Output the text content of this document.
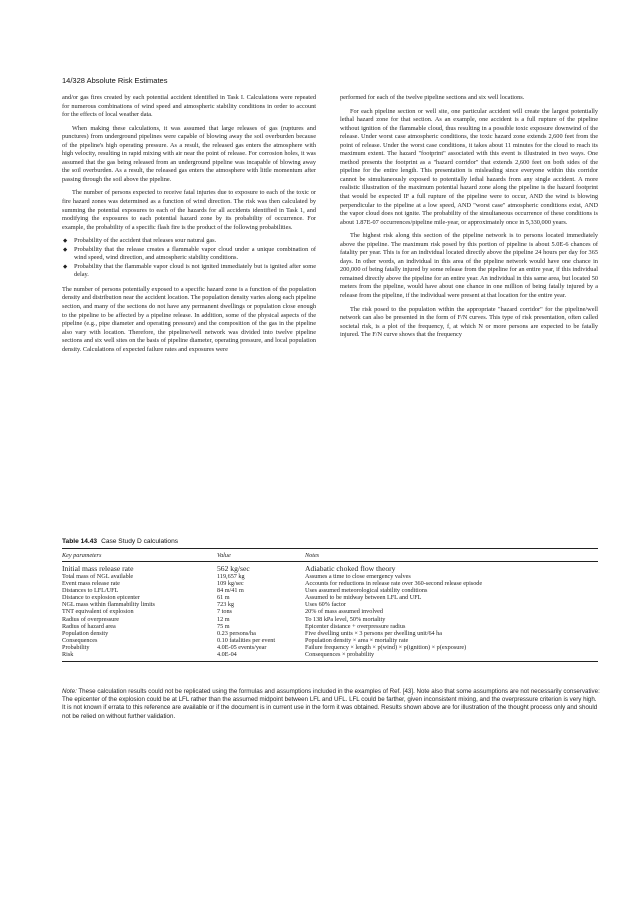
14/328 Absolute Risk Estimates

and/or gas fires created by each potential accident identified in Task I. Calculations were repeated for numerous combinations of wind speed and atmospheric stability conditions in order to account for the effects of local weather data.

When making these calculations, it was assumed that large releases of gas (ruptures and punctures) from underground pipelines were capable of blowing away the soil overburden because of the pipeline's high operating pressure. As a result, the released gas enters the atmosphere with high velocity, resulting in rapid mixing with air near the point of release. For corrosion holes, it was assumed that the gas being released from an underground pipeline was incapable of blowing away the soil overburden. As a result, the released gas enters the atmosphere with little momentum after passing through the soil above the pipeline.

The number of persons expected to receive fatal injuries due to exposure to each of the toxic or fire hazard zones was determined as a function of wind direction. The risk was then calculated by summing the potential exposures to each of the hazards for all accidents identified in Task 1, and modifying the exposures to each potential hazard zone by its probability of occurrence. For example, the probability of a specific flash fire is the product of the following probabilities.

◆ Probability of the accident that releases sour natural gas.
◆ Probability that the release creates a flammable vapor cloud under a unique combination of wind speed, wind direction, and atmospheric stability conditions.
◆ Probability that the flammable vapor cloud is not ignited immediately but is ignited after some delay.

The number of persons potentially exposed to a specific hazard zone is a function of the population density and distribution near the accident location. The population density varies along each pipeline section, and many of the sections do not have any permanent dwellings or population close enough to the pipeline to be affected by a pipeline release. In addition, some of the physical aspects of the pipeline (e.g., pipe diameter and operating pressure) and the composition of the gas in the pipeline also vary with location. Therefore, the pipeline/well network was divided into twelve pipeline sections and six well sites on the basis of pipeline diameter, operating pressure, and local population density. Calculations of expected failure rates and exposures were

performed for each of the twelve pipeline sections and six well locations.

For each pipeline section or well site, one particular accident will create the largest potentially lethal hazard zone for that section. As an example, one accident is a full rupture of the pipeline without ignition of the flammable cloud, thus resulting in a possible toxic exposure downwind of the release. Under worst case atmospheric conditions, the toxic hazard zone extends 2,600 feet from the point of release. Under the worst case conditions, it takes about 11 minutes for the cloud to reach its maximum extent. The hazard "footprint" associated with this event is illustrated in two ways. One method presents the footprint as a "hazard corridor" that extends 2,600 feet on both sides of the pipeline for the entire length. This presentation is misleading since everyone within this corridor cannot be simultaneously exposed to potentially lethal hazards from any single accident. A more realistic illustration of the maximum potential hazard zone along the pipeline is the hazard footprint that would be expected IF a full rupture of the pipeline were to occur, AND the wind is blowing perpendicular to the pipeline at a low speed, AND "worst case" atmospheric conditions exist, AND the vapor cloud does not ignite. The probability of the simultaneous occurrence of these conditions is about 1.87E-07 occurrences/pipeline mile-year, or approximately once in 5,330,000 years.

The highest risk along this section of the pipeline network is to persons located immediately above the pipeline. The maximum risk posed by this portion of pipeline is about 5.0E-6 chances of fatality per year. This is for an individual located directly above the pipeline 24 hours per day for 365 days. In other words, an individual in this area of the pipeline network would have one chance in 200,000 of being fatally injured by some release from the pipeline for an entire year, if this individual remained directly above the pipeline for an entire year. An individual in this same area, but located 50 meters from the pipeline, would have about one chance in one million of being fatally injured by a release from the pipeline, if the individual were present at that location for the entire year.

The risk posed to the population within the appropriate "hazard corridor" for the pipeline/well network can also be presented in the form of F/N curves. This type of risk presentation, often called societal risk, is a plot of the frequency, f, at which N or more persons are expected to be fatally injured. The F/N curve shows that the frequency

Table 14.43 Case Study D calculations
Key parameters	Value	Notes
Initial mass release rate	562 kg/sec	Adiabatic choked flow theory
Total mass of NGL available	119,657 kg	Assumes a time to close emergency valves
Event mass release rate	109 kg/sec	Accounts for reductions in release rate over 360-second release episode
Distances to LFL/UFL	84 m/41 m	Uses assumed meteorological stability conditions
Distance to explosion epicenter	61 m	Assumed to be midway between LFL and UFL
NGL mass within flammability limits	723 kg	Uses 60% factor
TNT equivalent of explosion	7 tons	20% of mass assumed involved
Radius of overpressure	12 m	To 138 kPa level, 50% mortality
Radius of hazard area	75 m	Epicenter distance + overpressure radius
Population density	0.23 persons/ha	Five dwelling units × 3 persons per dwelling unit/64 ha
Consequences	0.10 fatalities per event	Population density × area × mortality rate
Probability	4.0E-05 events/year	Failure frequency × length × p(wind) × p(ignition) × p(exposure)
Risk	4.0E-04	Consequences × probability
Note: These calculation results could not be replicated using the formulas and assumptions included in the examples of Ref. [43]. Note also that some assumptions are not necessarily conservative: The epicenter of the explosion could be at LFL rather than the assumed midpoint between LFL and UFL. LFL could be farther, given inconsistent mixing, and the overpressure criterion is very high. It is not known if errata to this reference are available or if the document is in current use in the form it was obtained. Results shown above are for illustration of the thought process only and should not be relied on without further validation.
